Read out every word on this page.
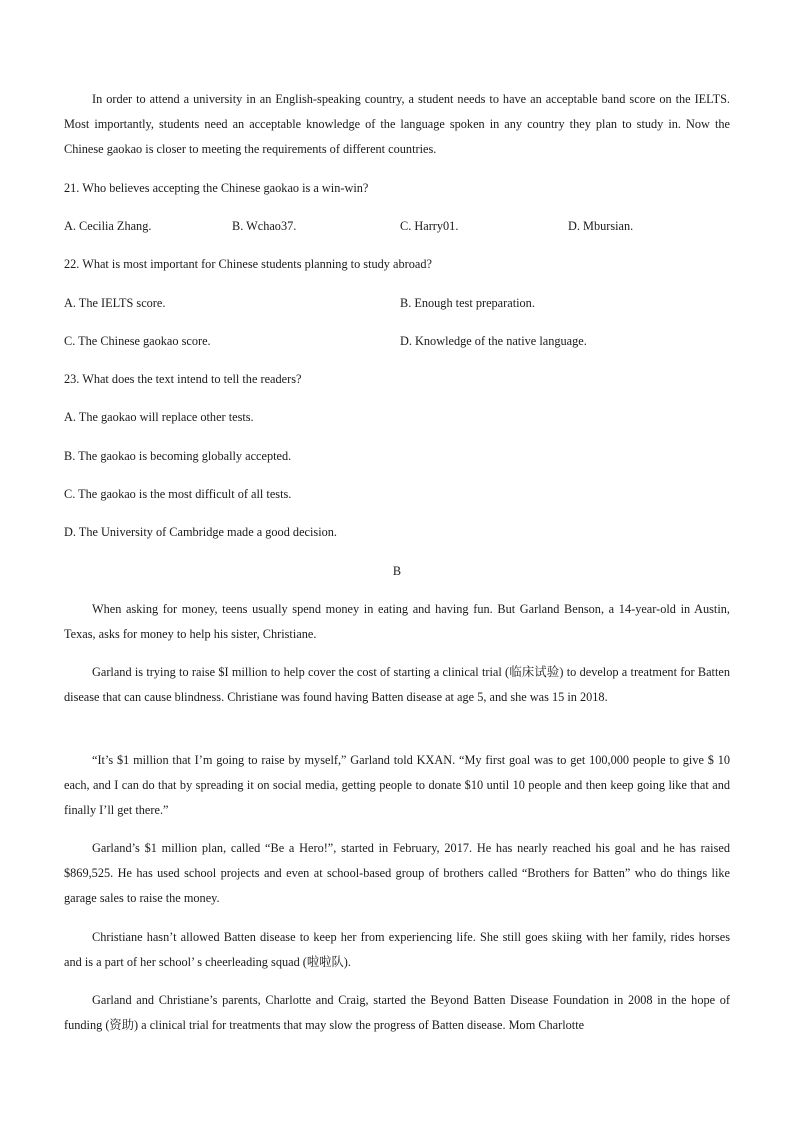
In order to attend a university in an English-speaking country, a student needs to have an acceptable band score on the IELTS. Most importantly, students need an acceptable knowledge of the language spoken in any country they plan to study in. Now the Chinese gaokao is closer to meeting the requirements of different countries.

21. Who believes accepting the Chinese gaokao is a win-win?

A. Cecilia Zhang.	B. Wchao37.	C. Harry01.	D. Mbursian.

22. What is most important for Chinese students planning to study abroad?

A. The IELTS score.	B. Enough test preparation.

C. The Chinese gaokao score.	D. Knowledge of the native language.

23. What does the text intend to tell the readers?

A. The gaokao will replace other tests.

B. The gaokao is becoming globally accepted.

C. The gaokao is the most difficult of all tests.

D. The University of Cambridge made a good decision.

B

When asking for money, teens usually spend money in eating and having fun. But Garland Benson, a 14-year-old in Austin, Texas, asks for money to help his sister, Christiane.

Garland is trying to raise $I million to help cover the cost of starting a clinical trial (临床试验) to develop a treatment for Batten disease that can cause blindness. Christiane was found having Batten disease at age 5, and she was 15 in 2018.

“It’s $1 million that I’m going to raise by myself,” Garland told KXAN. “My first goal was to get 100,000 people to give $ 10 each, and I can do that by spreading it on social media, getting people to donate $10 until 10 people and then keep going like that and finally I’ll get there.”

Garland’s $1 million plan, called “Be a Hero!”, started in February, 2017. He has nearly reached his goal and he has raised $869,525. He has used school projects and even at school-based group of brothers called “Brothers for Batten” who do things like garage sales to raise the money.

Christiane hasn’t allowed Batten disease to keep her from experiencing life. She still goes skiing with her family, rides horses and is a part of her school’ s cheerleading squad (啦啦队).

Garland and Christiane’s parents, Charlotte and Craig, started the Beyond Batten Disease Foundation in 2008 in the hope of funding (资助) a clinical trial for treatments that may slow the progress of Batten disease. Mom Charlotte
